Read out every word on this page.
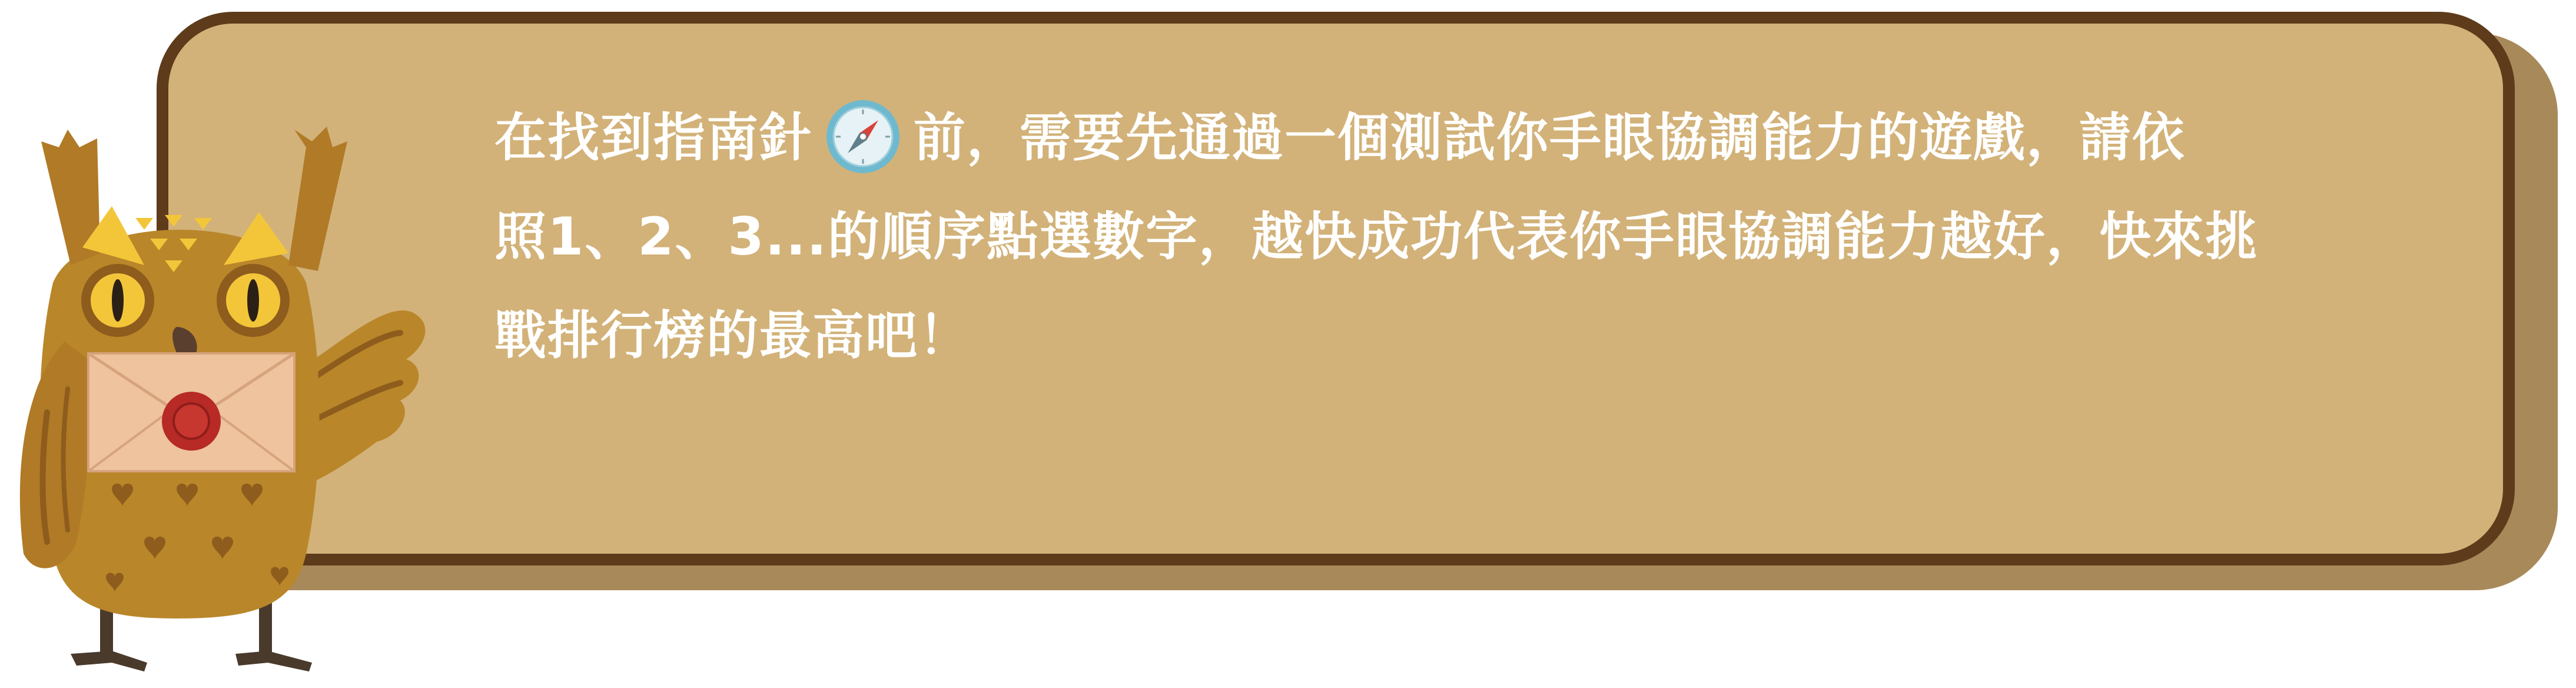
在找到指南針 前，需要先通過一個測試你手眼協調能力的遊戲，請依
照1、2、3...的順序點選數字，越快成功代表你手眼協調能力越好，快來挑
戰排行榜的最高吧！
